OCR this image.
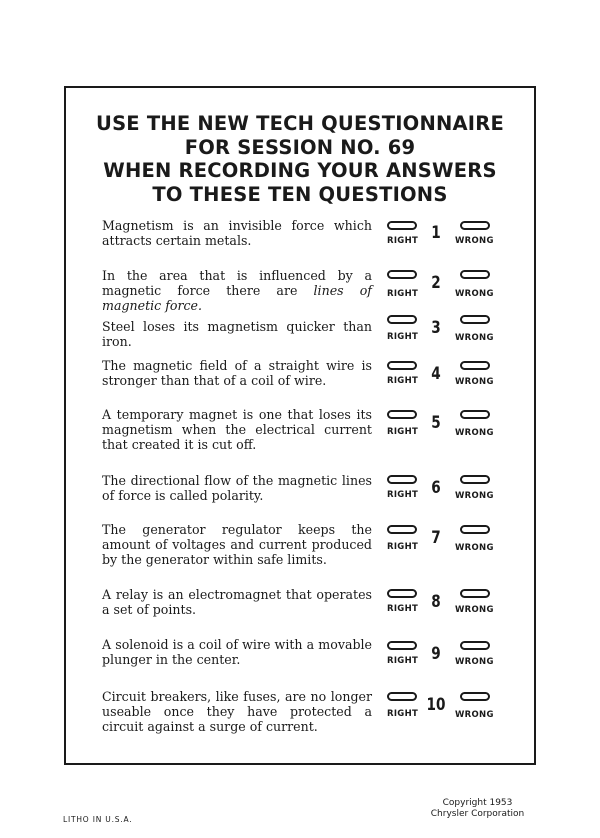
USE THE NEW TECH QUESTIONNAIRE
FOR SESSION NO. 69
WHEN RECORDING YOUR ANSWERS
TO THESE TEN QUESTIONS
Magnetism is an invisible force which attracts certain metals.	1
RIGHT	WRONG
In the area that is influenced by a magnetic force there are lines of magnetic force.
2
RIGHT	WRONG
Steel loses its magnetism quicker than iron.
3
RIGHT	WRONG
The magnetic field of a straight wire is stronger than that of a coil of wire.	4
RIGHT	WRONG
A temporary magnet is one that loses its magnetism when the electrical current that created it is cut off.
5
RIGHT	WRONG
The directional flow of the magnetic lines of force is called polarity.	6
RIGHT	WRONG
The generator regulator keeps the amount of voltages and current produced by the generator within safe limits.
7
RIGHT	WRONG
A relay is an electromagnet that operates a set of points.	8
RIGHT	WRONG
A solenoid is a coil of wire with a movable plunger in the center.	9
RIGHT	WRONG
Circuit breakers, like fuses, are no longer useable once they have protected a circuit against a surge of current.
10
RIGHT	WRONG
LITHO IN U.S.A.
Copyright 1953
Chrysler Corporation
